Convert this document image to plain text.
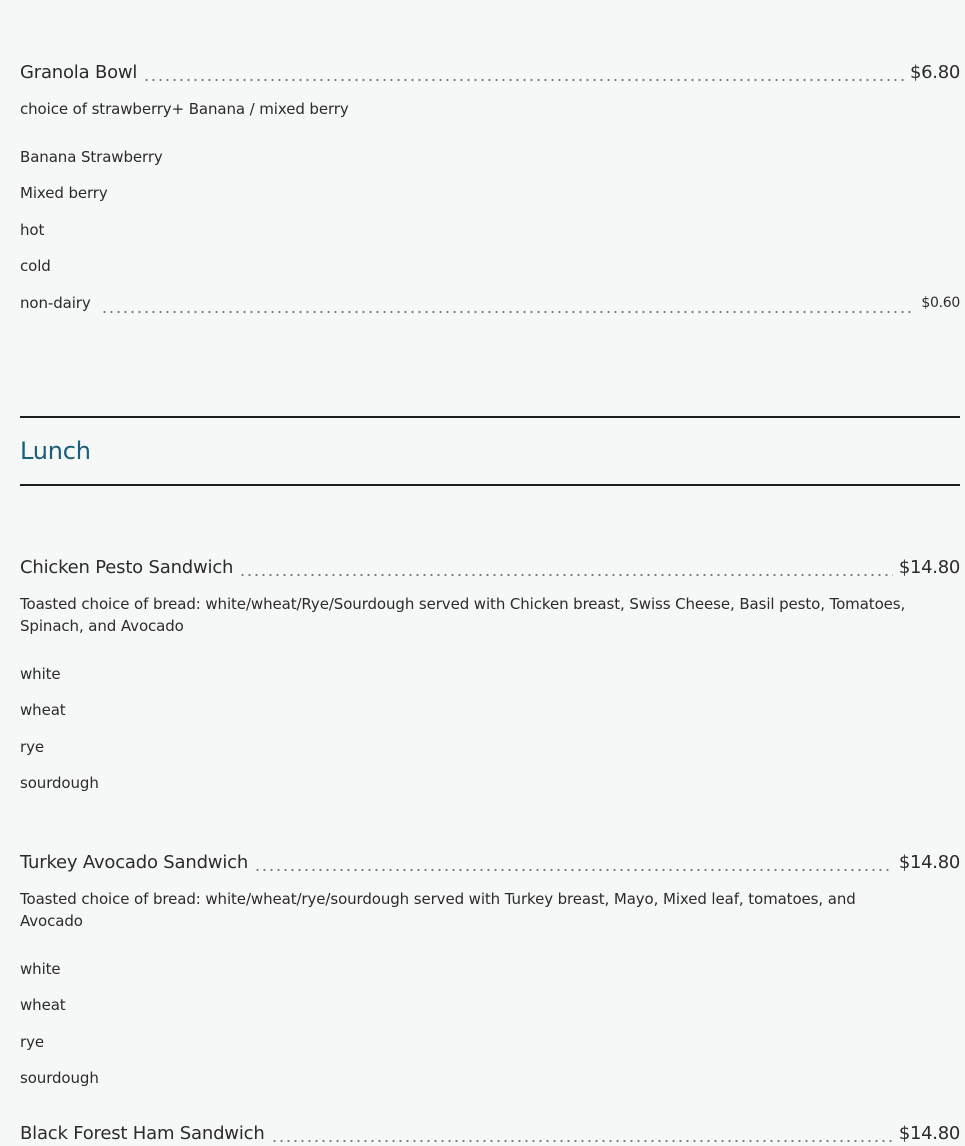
Granola Bowl	$6.80
choice of strawberry+ Banana / mixed berry
Banana Strawberry
Mixed berry
hot
cold
non-dairy	$0.60
Lunch
Chicken Pesto Sandwich	$14.80
Toasted choice of bread: white/wheat/Rye/Sourdough served with Chicken breast, Swiss Cheese, Basil pesto, Tomatoes, Spinach, and Avocado
white
wheat
rye
sourdough
Turkey Avocado Sandwich	$14.80
Toasted choice of bread: white/wheat/rye/sourdough served with Turkey breast, Mayo, Mixed leaf, tomatoes, and Avocado
white
wheat
rye
sourdough
Black Forest Ham Sandwich	$14.80
